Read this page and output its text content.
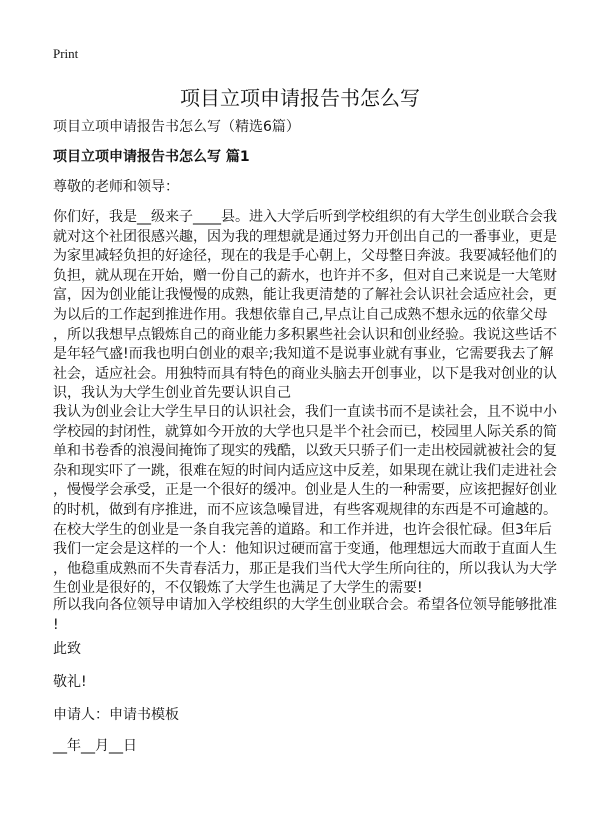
Print
项目立项申请报告书怎么写
项目立项申请报告书怎么写（精选6篇）
项目立项申请报告书怎么写 篇1
尊敬的老师和领导：
你们好，我是__级来子____县。进入大学后听到学校组织的有大学生创业联合会我
就对这个社团很感兴趣，因为我的理想就是通过努力开创出自己的一番事业，更是
为家里减轻负担的好途径，现在的我是手心朝上，父母整日奔波。我要减轻他们的
负担，就从现在开始，赠一份自己的薪水，也许并不多，但对自己来说是一大笔财
富，因为创业能让我慢慢的成熟，能让我更清楚的了解社会认识社会适应社会，更
为以后的工作起到推进作用。我想依靠自己,早点让自己成熟不想永远的依靠父母
，所以我想早点锻炼自己的商业能力多积累些社会认识和创业经验。我说这些话不
是年轻气盛!而我也明白创业的艰辛;我知道不是说事业就有事业，它需要我去了解
社会，适应社会。用独特而具有特色的商业头脑去开创事业，以下是我对创业的认
识，我认为大学生创业首先要认识自己
我认为创业会让大学生早日的认识社会，我们一直读书而不是读社会，且不说中小
学校园的封闭性，就算如今开放的大学也只是半个社会而已，校园里人际关系的简
单和书卷香的浪漫间掩饰了现实的残酷，以致天只骄子们一走出校园就被社会的复
杂和现实吓了一跳，很难在短的时间内适应这中反差，如果现在就让我们走进社会
，慢慢学会承受，正是一个很好的缓冲。创业是人生的一种需要，应该把握好创业
的时机，做到有序推进，而不应该急噪冒进，有些客观规律的东西是不可逾越的。
在校大学生的创业是一条自我完善的道路。和工作并进，也许会很忙碌。但3年后
我们一定会是这样的一个人：他知识过硬而富于变通，他理想远大而敢于直面人生
，他稳重成熟而不失青春活力，那正是我们当代大学生所向往的，所以我认为大学
生创业是很好的，不仅锻炼了大学生也满足了大学生的需要!
所以我向各位领导申请加入学校组织的大学生创业联合会。希望各位领导能够批准
!
此致
敬礼!
申请人：申请书模板
__年__月__日
